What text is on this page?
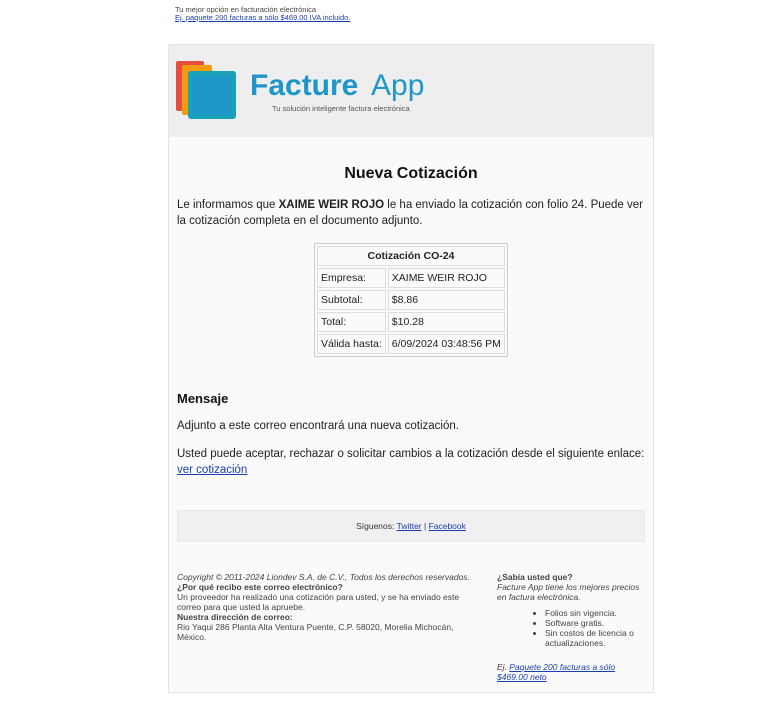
Tu mejor opción en facturación electrónica
Ej. paquete 200 facturas a sólo $469.00 IVA incluido.
Facture App
Tu solución inteligente factura electrónica
Nueva Cotización

Le informamos que XAIME WEIR ROJO le ha enviado la cotización con folio 24. Puede ver la cotización completa en el documento adjunto.

Cotización CO-24	
Empresa:	XAIME WEIR ROJO
Subtotal:	$8.86
Total:	$10.28
Válida hasta:	6/09/2024 03:48:56 PM
Mensaje

Adjunto a este correo encontrará una nueva cotización.

Usted puede aceptar, rechazar o solicitar cambios a la cotización desde el siguiente enlace: ver cotización

Síguenos: Twitter | Facebook
Copyright © 2011-2024 Liondev S.A. de C.V., Todos los derechos reservados.
¿Por qué recibo este correo electrónico?
Un proveedor ha realizado una cotización para usted, y se ha enviado este correo para que usted la apruebe.
Nuestra dirección de correo:
Rio Yaqui 286 Planta Alta Ventura Puente, C.P. 58020, Morelia Michocán, México.
¿Sabía usted que?
Facture App tiene los mejores precios en factura electrónica.
• Folios sin vigencia.
• Software gratis.
• Sin costos de licencia o actualizaciones.
Ej. Paquete 200 facturas a sólo $469.00 neto
